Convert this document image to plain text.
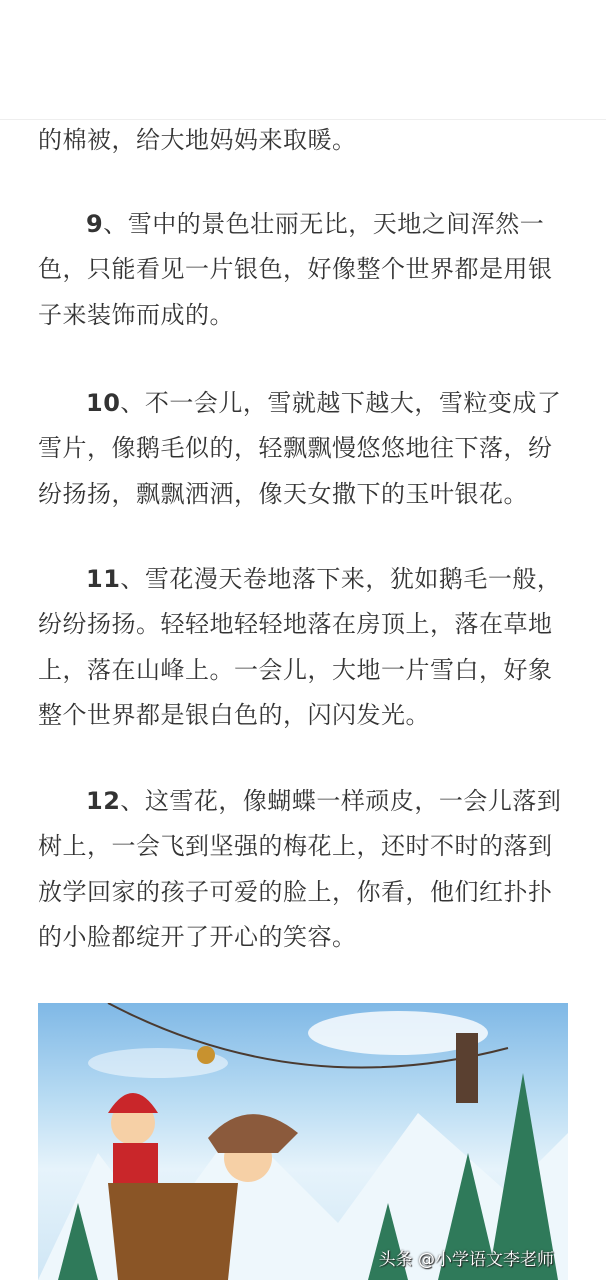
的棉被，给大地妈妈来取暖。
9、雪中的景色壮丽无比，天地之间浑然一
色，只能看见一片银色，好像整个世界都是用银
子来装饰而成的。
10、不一会儿，雪就越下越大，雪粒变成了
雪片，像鹅毛似的，轻飘飘慢悠悠地往下落，纷
纷扬扬，飘飘洒洒，像天女撒下的玉叶银花。
11、雪花漫天卷地落下来，犹如鹅毛一般，
纷纷扬扬。轻轻地轻轻地落在房顶上，落在草地
上，落在山峰上。一会儿，大地一片雪白，好象
整个世界都是银白色的，闪闪发光。
12、这雪花，像蝴蝶一样顽皮，一会儿落到
树上，一会飞到坚强的梅花上，还时不时的落到
放学回家的孩子可爱的脸上，你看，他们红扑扑
的小脸都绽开了开心的笑容。
头条 @小学语文李老师
